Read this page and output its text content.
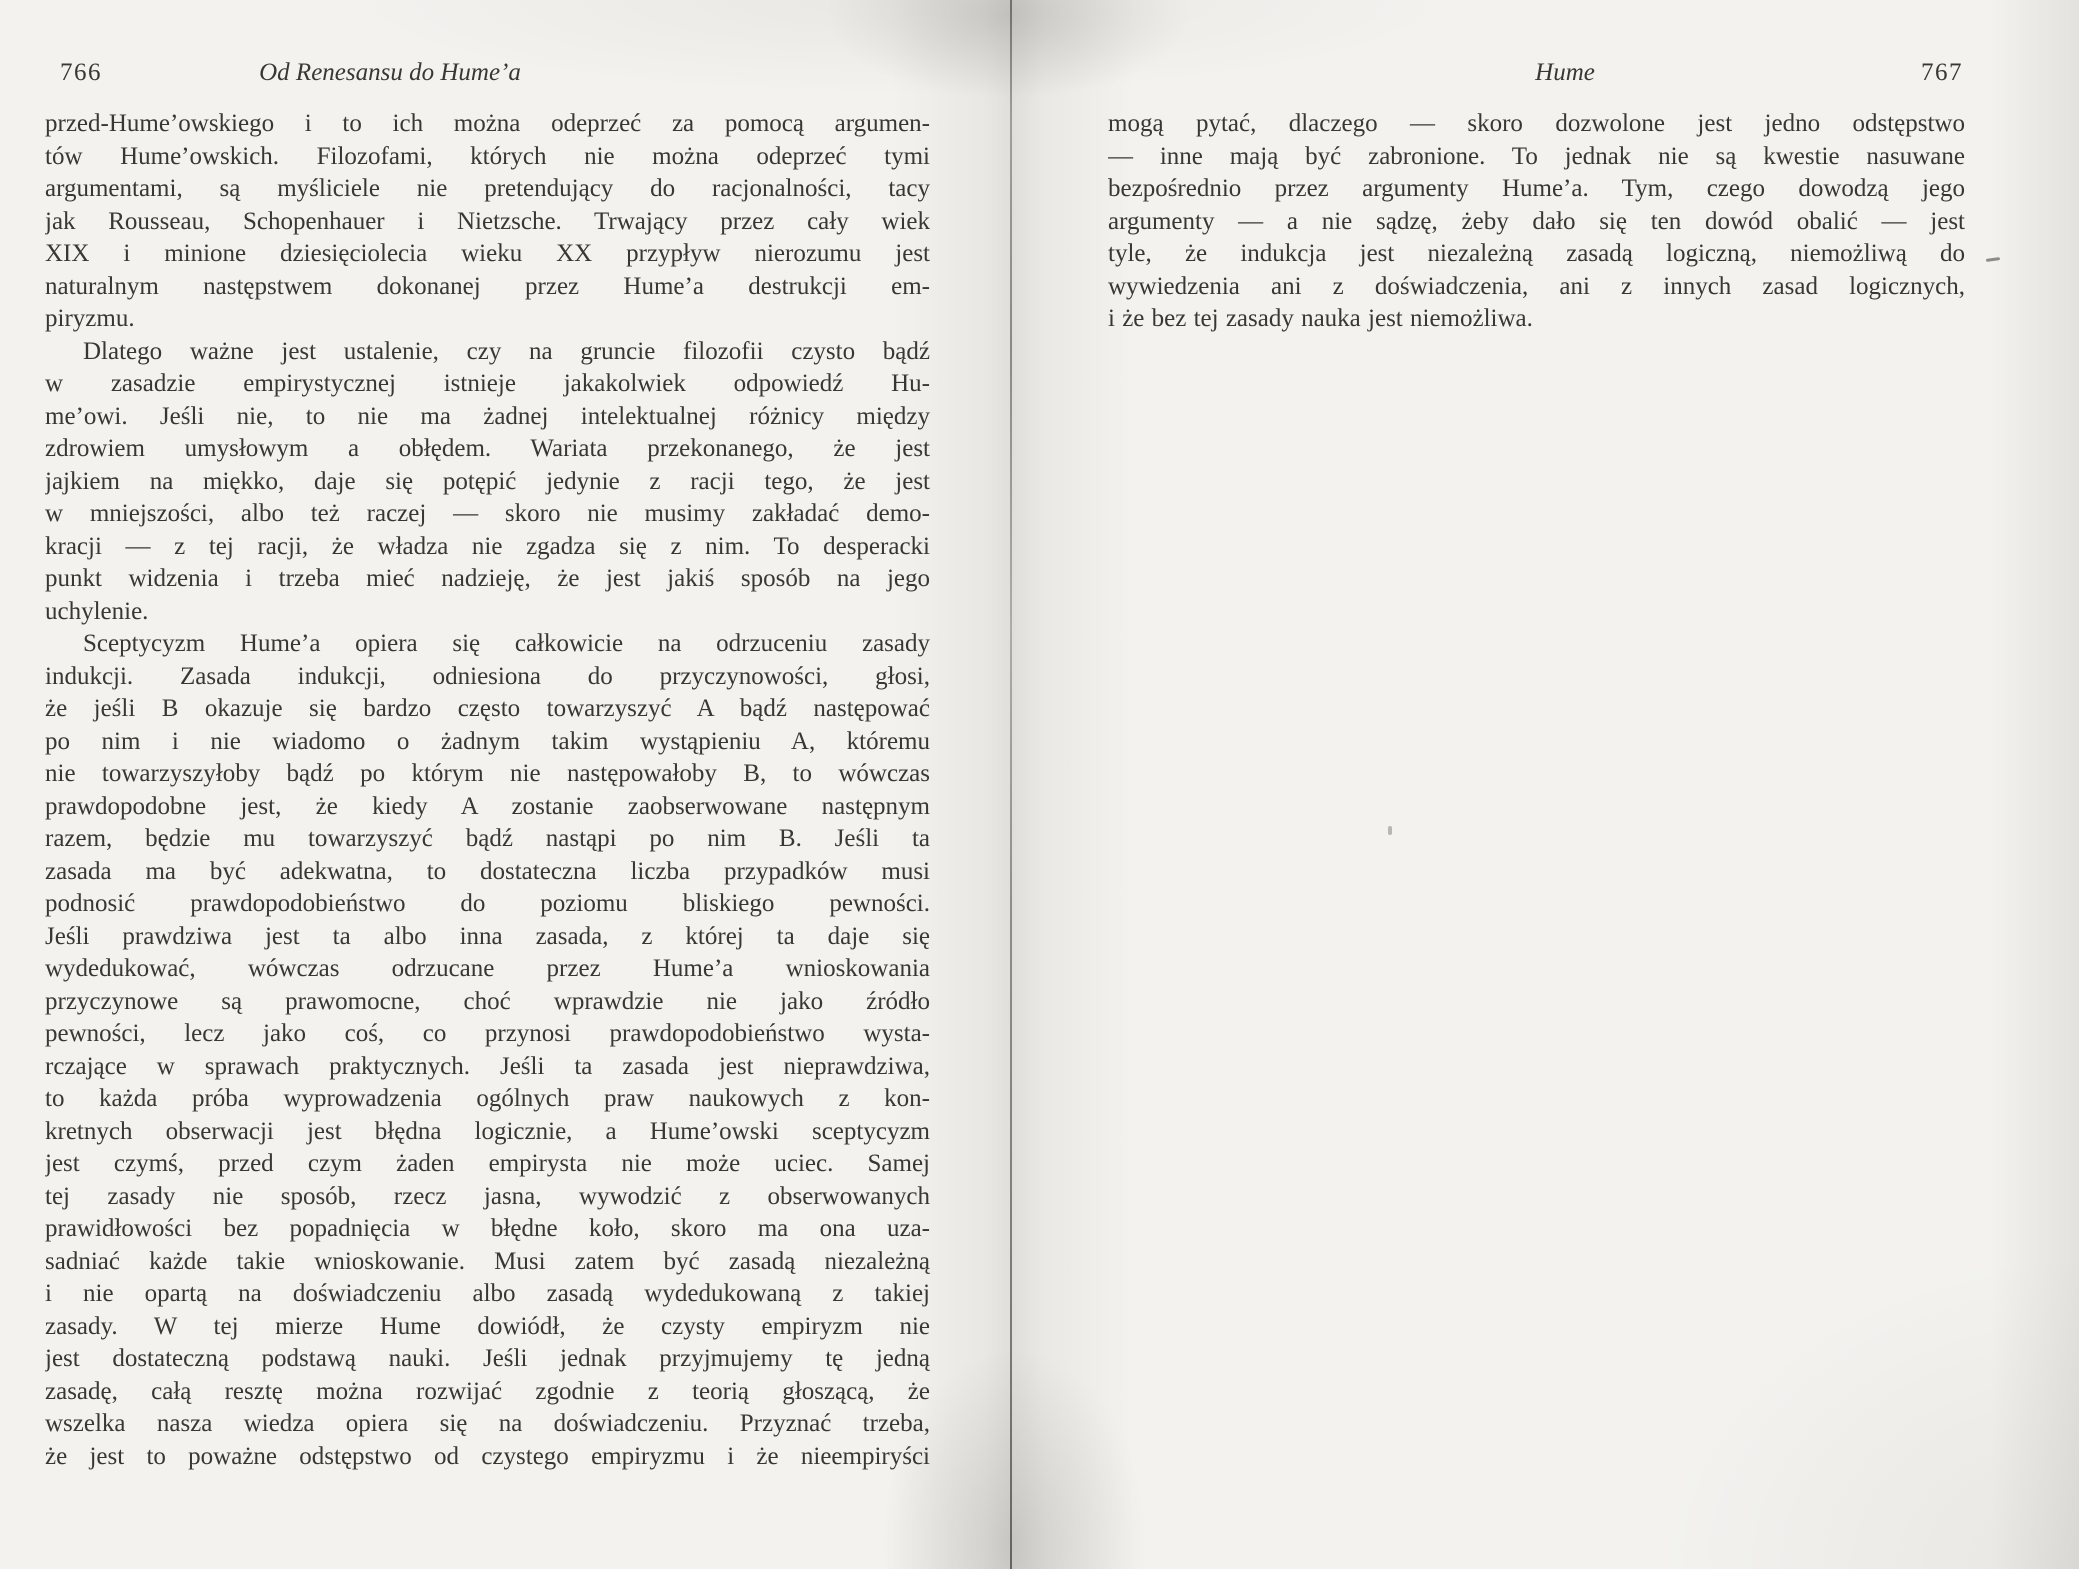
766	Od Renesansu do Hume’a
przed-Hume’owskiego i to ich można odeprzeć za pomocą argumen-
tów Hume’owskich. Filozofami, których nie można odeprzeć tymi
argumentami, są myśliciele nie pretendujący do racjonalności, tacy
jak Rousseau, Schopenhauer i Nietzsche. Trwający przez cały wiek
XIX i minione dziesięciolecia wieku XX przypływ nierozumu jest
naturalnym następstwem dokonanej przez Hume’a destrukcji em-
piryzmu.
Dlatego ważne jest ustalenie, czy na gruncie filozofii czysto bądź
w zasadzie empirystycznej istnieje jakakolwiek odpowiedź Hu-
me’owi. Jeśli nie, to nie ma żadnej intelektualnej różnicy między
zdrowiem umysłowym a obłędem. Wariata przekonanego, że jest
jajkiem na miękko, daje się potępić jedynie z racji tego, że jest
w mniejszości, albo też raczej — skoro nie musimy zakładać demo-
kracji — z tej racji, że władza nie zgadza się z nim. To desperacki
punkt widzenia i trzeba mieć nadzieję, że jest jakiś sposób na jego
uchylenie.
Sceptycyzm Hume’a opiera się całkowicie na odrzuceniu zasady
indukcji. Zasada indukcji, odniesiona do przyczynowości, głosi,
że jeśli B okazuje się bardzo często towarzyszyć A bądź następować
po nim i nie wiadomo o żadnym takim wystąpieniu A, któremu
nie towarzyszyłoby bądź po którym nie następowałoby B, to wówczas
prawdopodobne jest, że kiedy A zostanie zaobserwowane następnym
razem, będzie mu towarzyszyć bądź nastąpi po nim B. Jeśli ta
zasada ma być adekwatna, to dostateczna liczba przypadków musi
podnosić prawdopodobieństwo do poziomu bliskiego pewności.
Jeśli prawdziwa jest ta albo inna zasada, z której ta daje się
wydedukować, wówczas odrzucane przez Hume’a wnioskowania
przyczynowe są prawomocne, choć wprawdzie nie jako źródło
pewności, lecz jako coś, co przynosi prawdopodobieństwo wysta-
rczające w sprawach praktycznych. Jeśli ta zasada jest nieprawdziwa,
to każda próba wyprowadzenia ogólnych praw naukowych z kon-
kretnych obserwacji jest błędna logicznie, a Hume’owski sceptycyzm
jest czymś, przed czym żaden empirysta nie może uciec. Samej
tej zasady nie sposób, rzecz jasna, wywodzić z obserwowanych
prawidłowości bez popadnięcia w błędne koło, skoro ma ona uza-
sadniać każde takie wnioskowanie. Musi zatem być zasadą niezależną
i nie opartą na doświadczeniu albo zasadą wydedukowaną z takiej
zasady. W tej mierze Hume dowiódł, że czysty empiryzm nie
jest dostateczną podstawą nauki. Jeśli jednak przyjmujemy tę jedną
zasadę, całą resztę można rozwijać zgodnie z teorią głoszącą, że
wszelka nasza wiedza opiera się na doświadczeniu. Przyznać trzeba,
że jest to poważne odstępstwo od czystego empiryzmu i że nieempiryści
Hume	767
mogą pytać, dlaczego — skoro dozwolone jest jedno odstępstwo
— inne mają być zabronione. To jednak nie są kwestie nasuwane
bezpośrednio przez argumenty Hume’a. Tym, czego dowodzą jego
argumenty — a nie sądzę, żeby dało się ten dowód obalić — jest
tyle, że indukcja jest niezależną zasadą logiczną, niemożliwą do
wywiedzenia ani z doświadczenia, ani z innych zasad logicznych,
i że bez tej zasady nauka jest niemożliwa.
